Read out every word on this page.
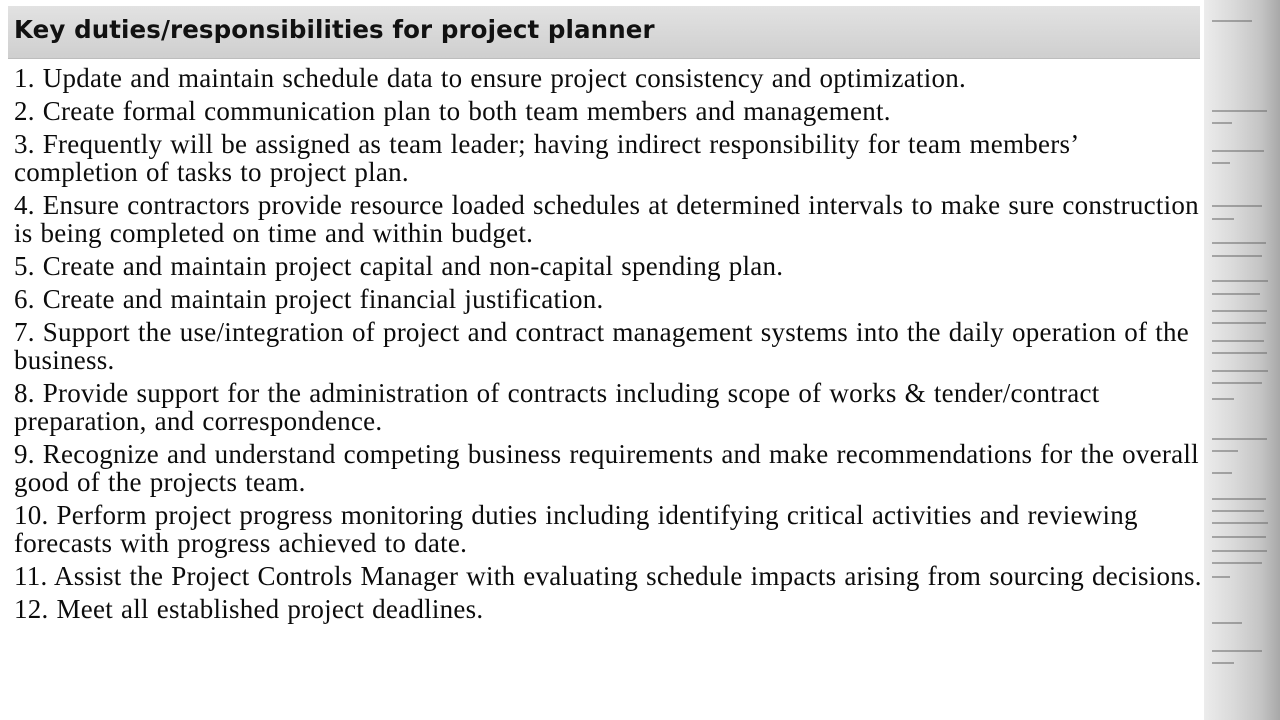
Key duties/responsibilities for project planner
1. Update and maintain schedule data to ensure project consistency and optimization.
2. Create formal communication plan to both team members and management.
3. Frequently will be assigned as team leader; having indirect responsibility for team members’ completion of tasks to project plan.
4. Ensure contractors provide resource loaded schedules at determined intervals to make sure construction is being completed on time and within budget.
5. Create and maintain project capital and non-capital spending plan.
6. Create and maintain project financial justification.
7. Support the use/integration of project and contract management systems into the daily operation of the business.
8. Provide support for the administration of contracts including scope of works & tender/contract preparation, and correspondence.
9. Recognize and understand competing business requirements and make recommendations for the overall good of the projects team.
10. Perform project progress monitoring duties including identifying critical activities and reviewing forecasts with progress achieved to date.
11. Assist the Project Controls Manager with evaluating schedule impacts arising from sourcing decisions.
12. Meet all established project deadlines.
